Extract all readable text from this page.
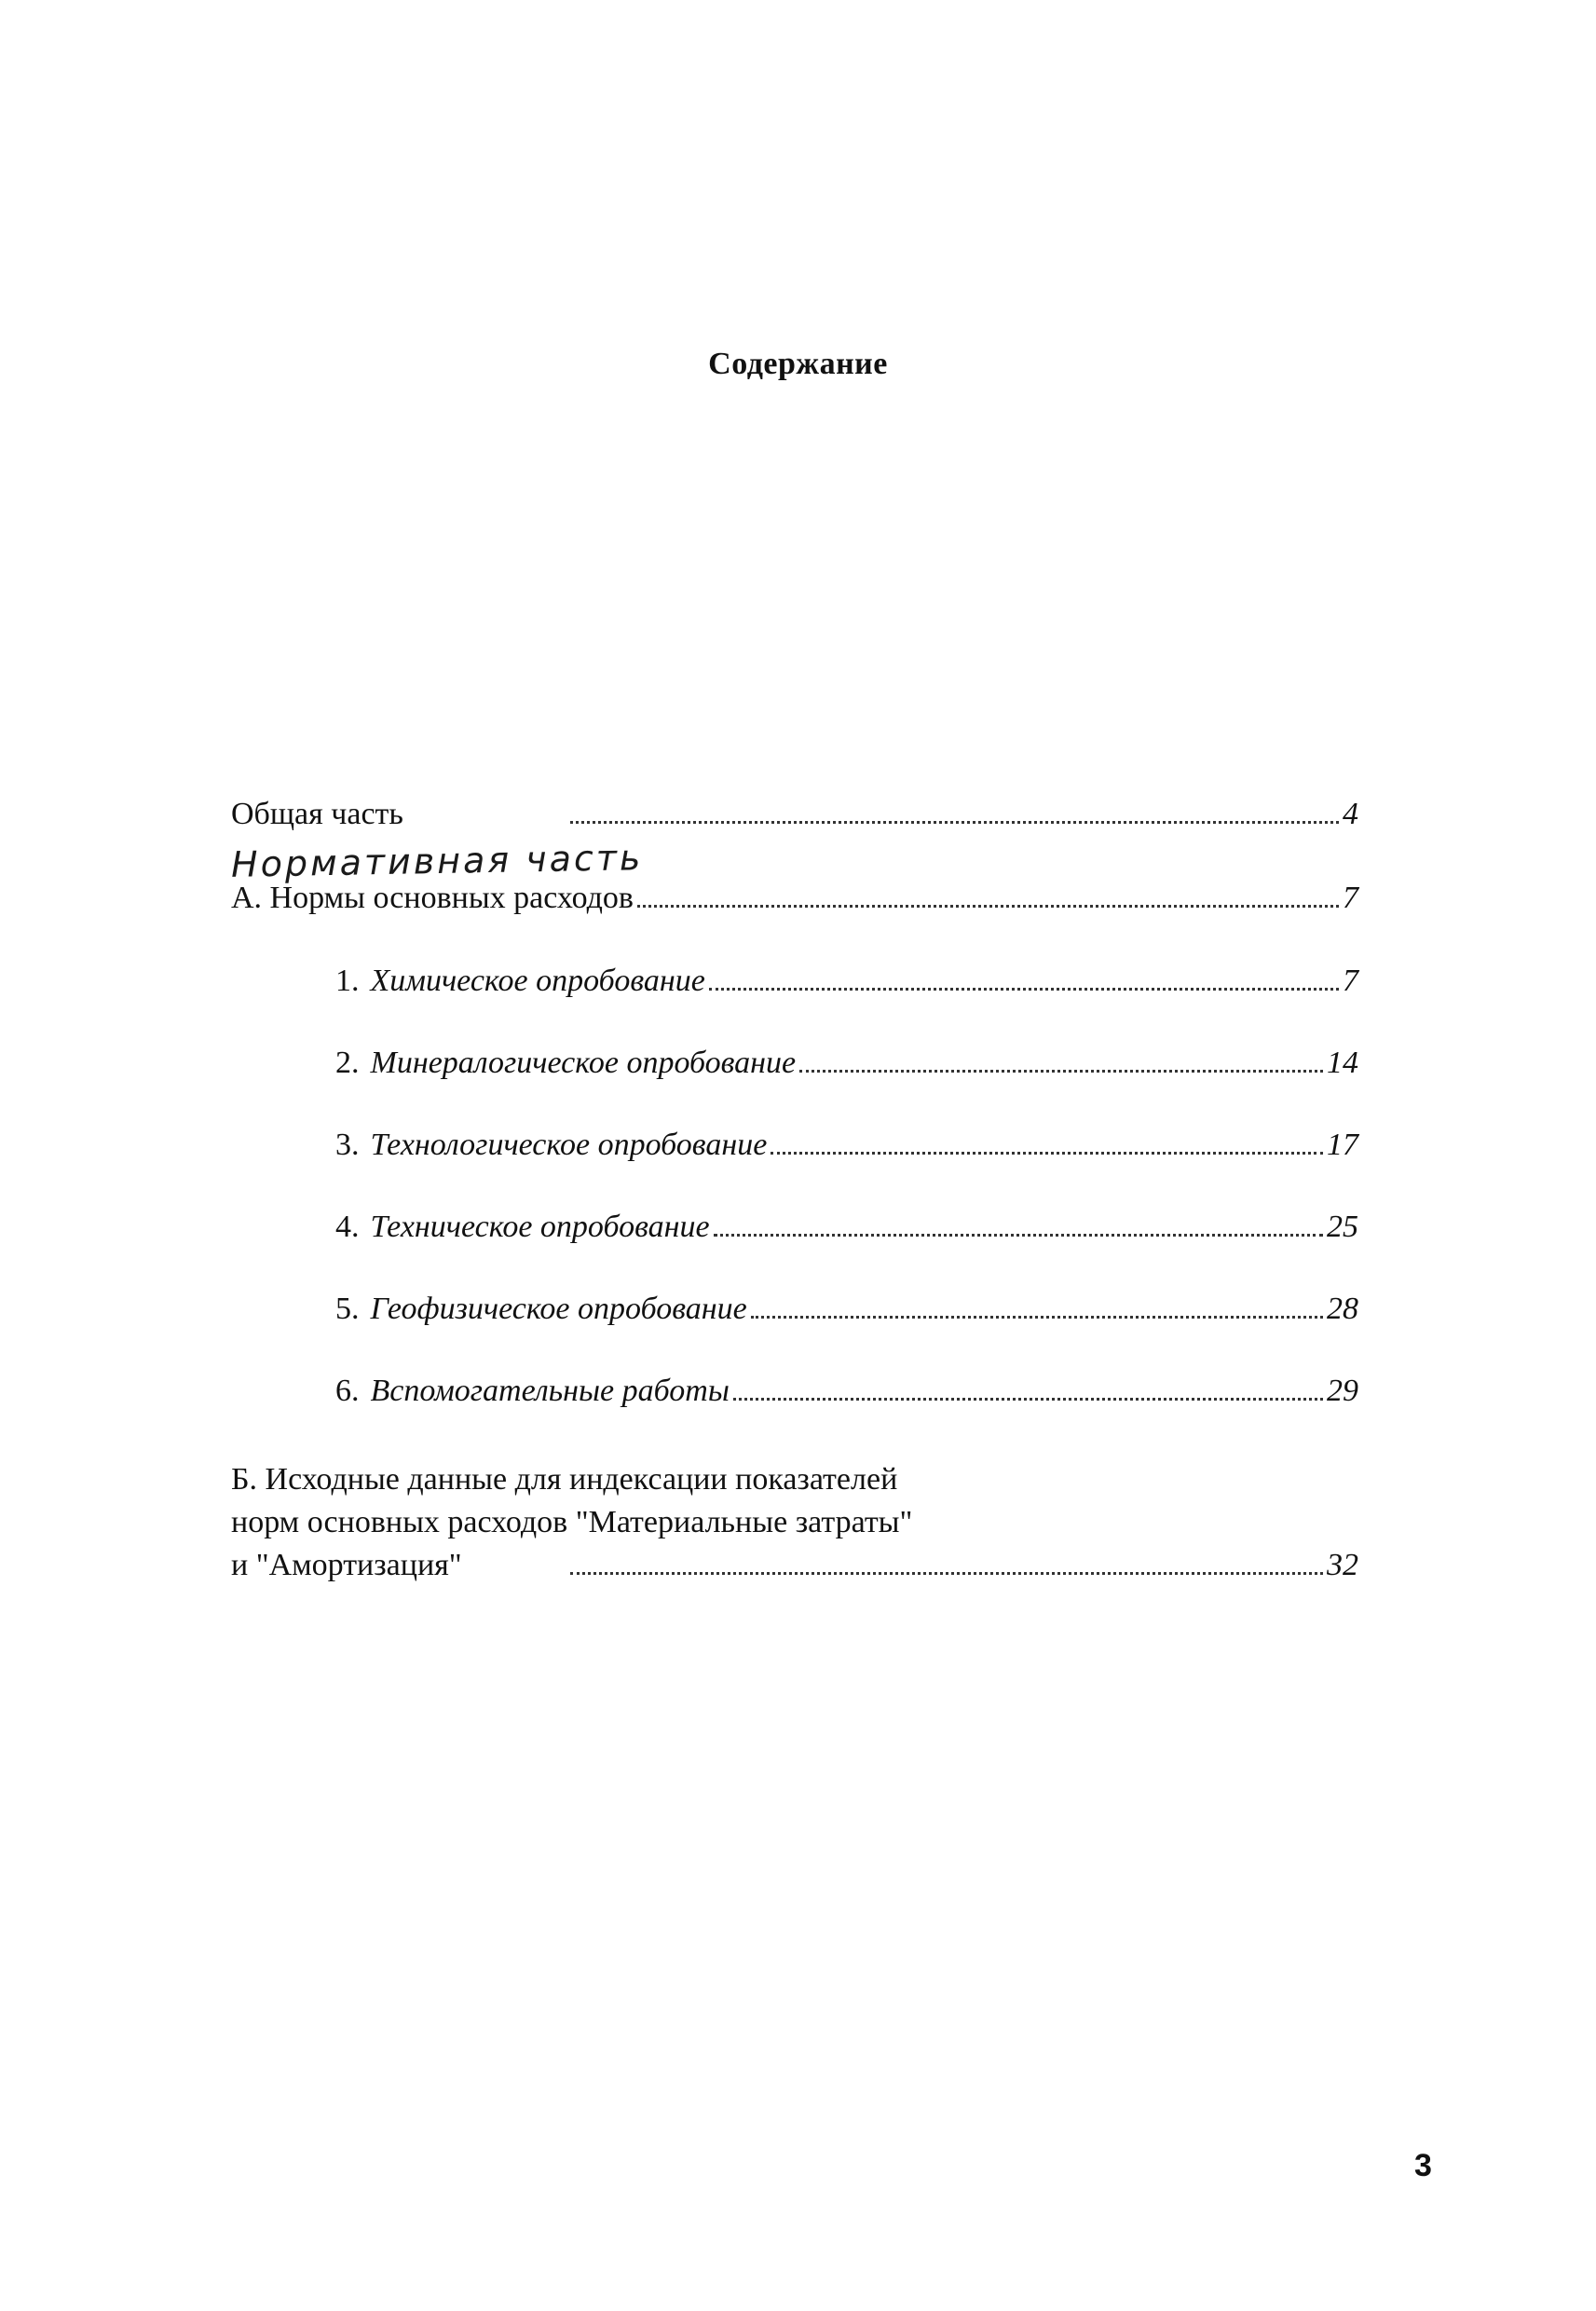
Содержание
Общая часть	4
Нормативная часть
А. Нормы основных расходов	7
1. Химическое опробование	7
2. Минералогическое опробование	14
3. Технологическое опробование	17
4. Техническое опробование	25
5. Геофизическое опробование	28
6. Вспомогательные работы	29
Б. Исходные данные для индексации показателей
норм основных расходов "Материальные затраты"
и "Амортизация"	32
3
